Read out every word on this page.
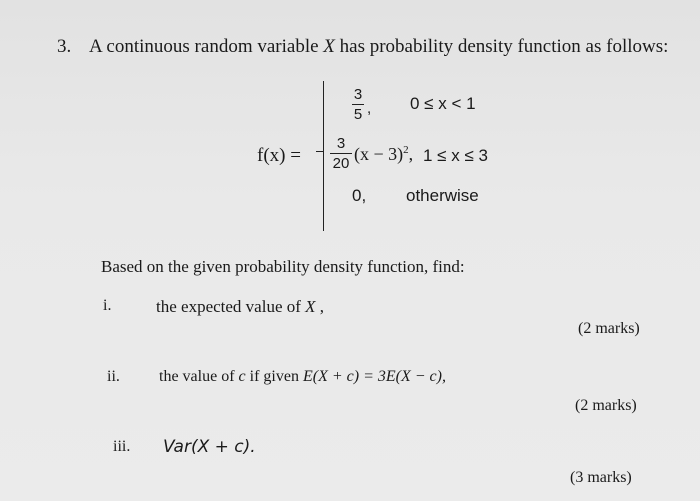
3. A continuous random variable X has probability density function as follows:
f(x) =
3
5 , 0 ≤ x < 1
3
20 $(x - 3)^2$, 1 ≤ x ≤ 3
0, otherwise
Based on the given probability density function, find:
i.	the expected value of X ,
(2 marks)
ii. the value of c if given E(X + c) = 3E(X − c),
(2 marks)
iii. Var(X + c).
(3 marks)
